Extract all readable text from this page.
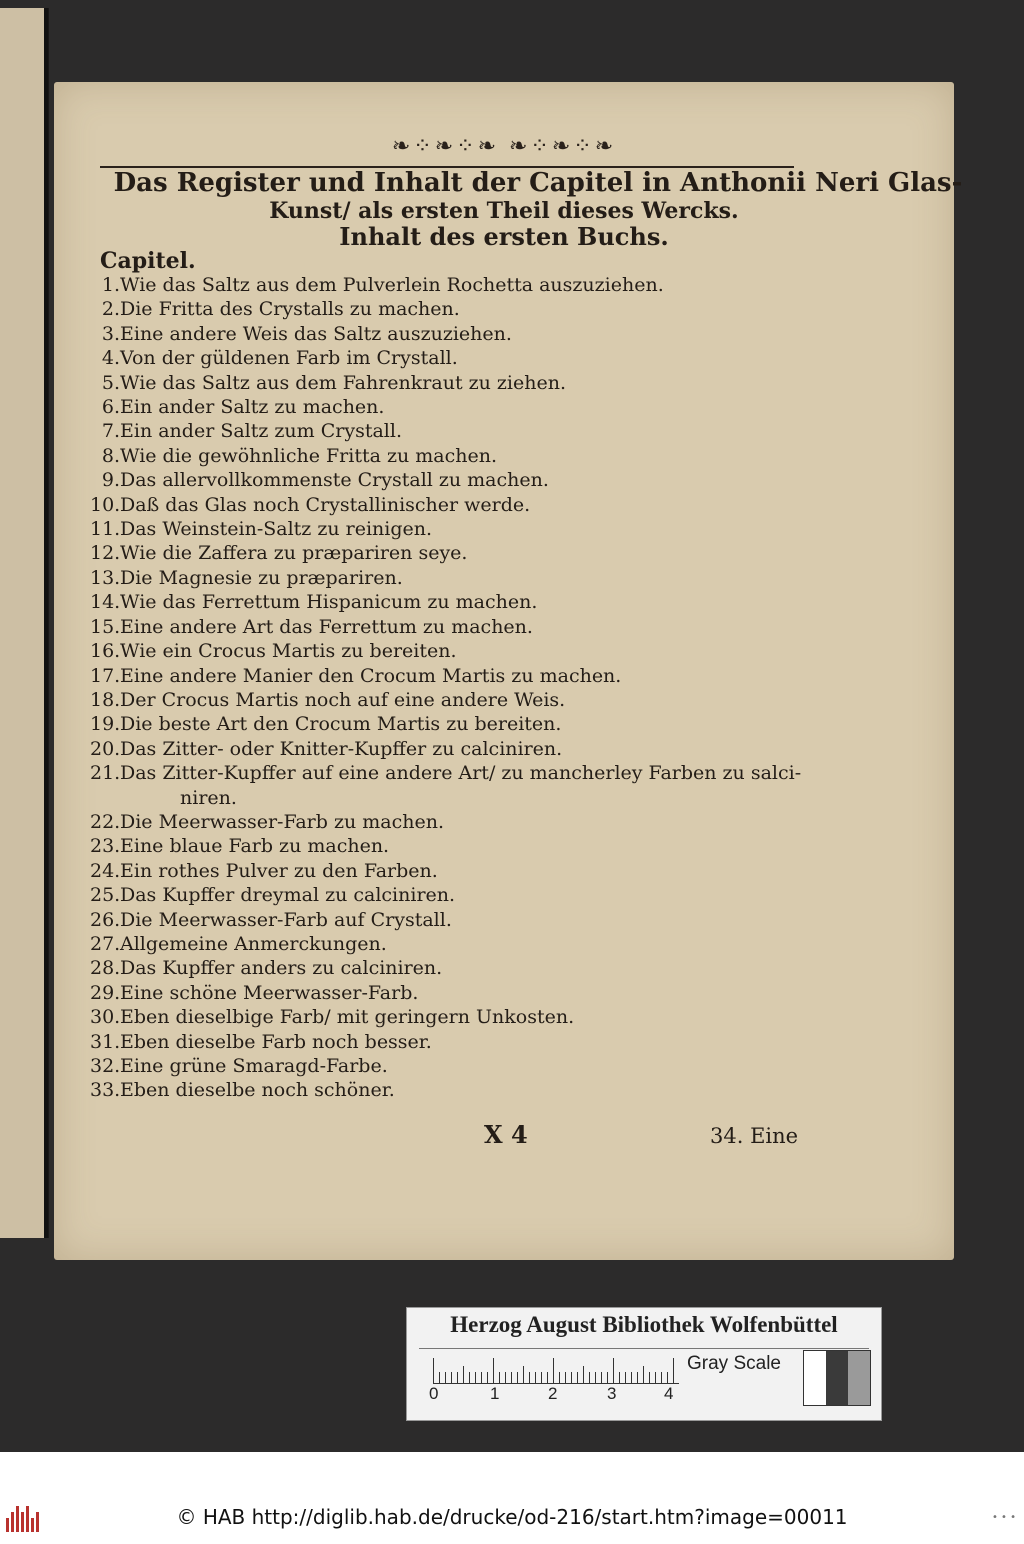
❧⁘❧⁘❧ ❧⁘❧⁘❧
Das Register und Inhalt der Capitel in Anthonii Neri Glas-
Kunst/ als ersten Theil dieses Wercks.
Inhalt des ersten Buchs.
Capitel.
1.Wie das Saltz aus dem Pulverlein Rochetta auszuziehen.
2.Die Fritta des Crystalls zu machen.
3.Eine andere Weis das Saltz auszuziehen.
4.Von der güldenen Farb im Crystall.
5.Wie das Saltz aus dem Fahrenkraut zu ziehen.
6.Ein ander Saltz zu machen.
7.Ein ander Saltz zum Crystall.
8.Wie die gewöhnliche Fritta zu machen.
9.Das allervollkommenste Crystall zu machen.
10.Daß das Glas noch Crystallinischer werde.
11.Das Weinstein-Saltz zu reinigen.
12.Wie die Zaffera zu præpariren seye.
13.Die Magnesie zu præpariren.
14.Wie das Ferrettum Hispanicum zu machen.
15.Eine andere Art das Ferrettum zu machen.
16.Wie ein Crocus Martis zu bereiten.
17.Eine andere Manier den Crocum Martis zu machen.
18.Der Crocus Martis noch auf eine andere Weis.
19.Die beste Art den Crocum Martis zu bereiten.
20.Das Zitter- oder Knitter-Kupffer zu calciniren.
21.Das Zitter-Kupffer auf eine andere Art/ zu mancherley Farben zu salci-
niren.
22.Die Meerwasser-Farb zu machen.
23.Eine blaue Farb zu machen.
24.Ein rothes Pulver zu den Farben.
25.Das Kupffer dreymal zu calciniren.
26.Die Meerwasser-Farb auf Crystall.
27.Allgemeine Anmerckungen.
28.Das Kupffer anders zu calciniren.
29.Eine schöne Meerwasser-Farb.
30.Eben dieselbige Farb/ mit geringern Unkosten.
31.Eben dieselbe Farb noch besser.
32.Eine grüne Smaragd-Farbe.
33.Eben dieselbe noch schöner.
X 4	34. Eine
Herzog August Bibliothek Wolfenbüttel
0	1	2	3	4
Gray Scale
© HAB http://diglib.hab.de/drucke/od-216/start.htm?image=00011	• • •
